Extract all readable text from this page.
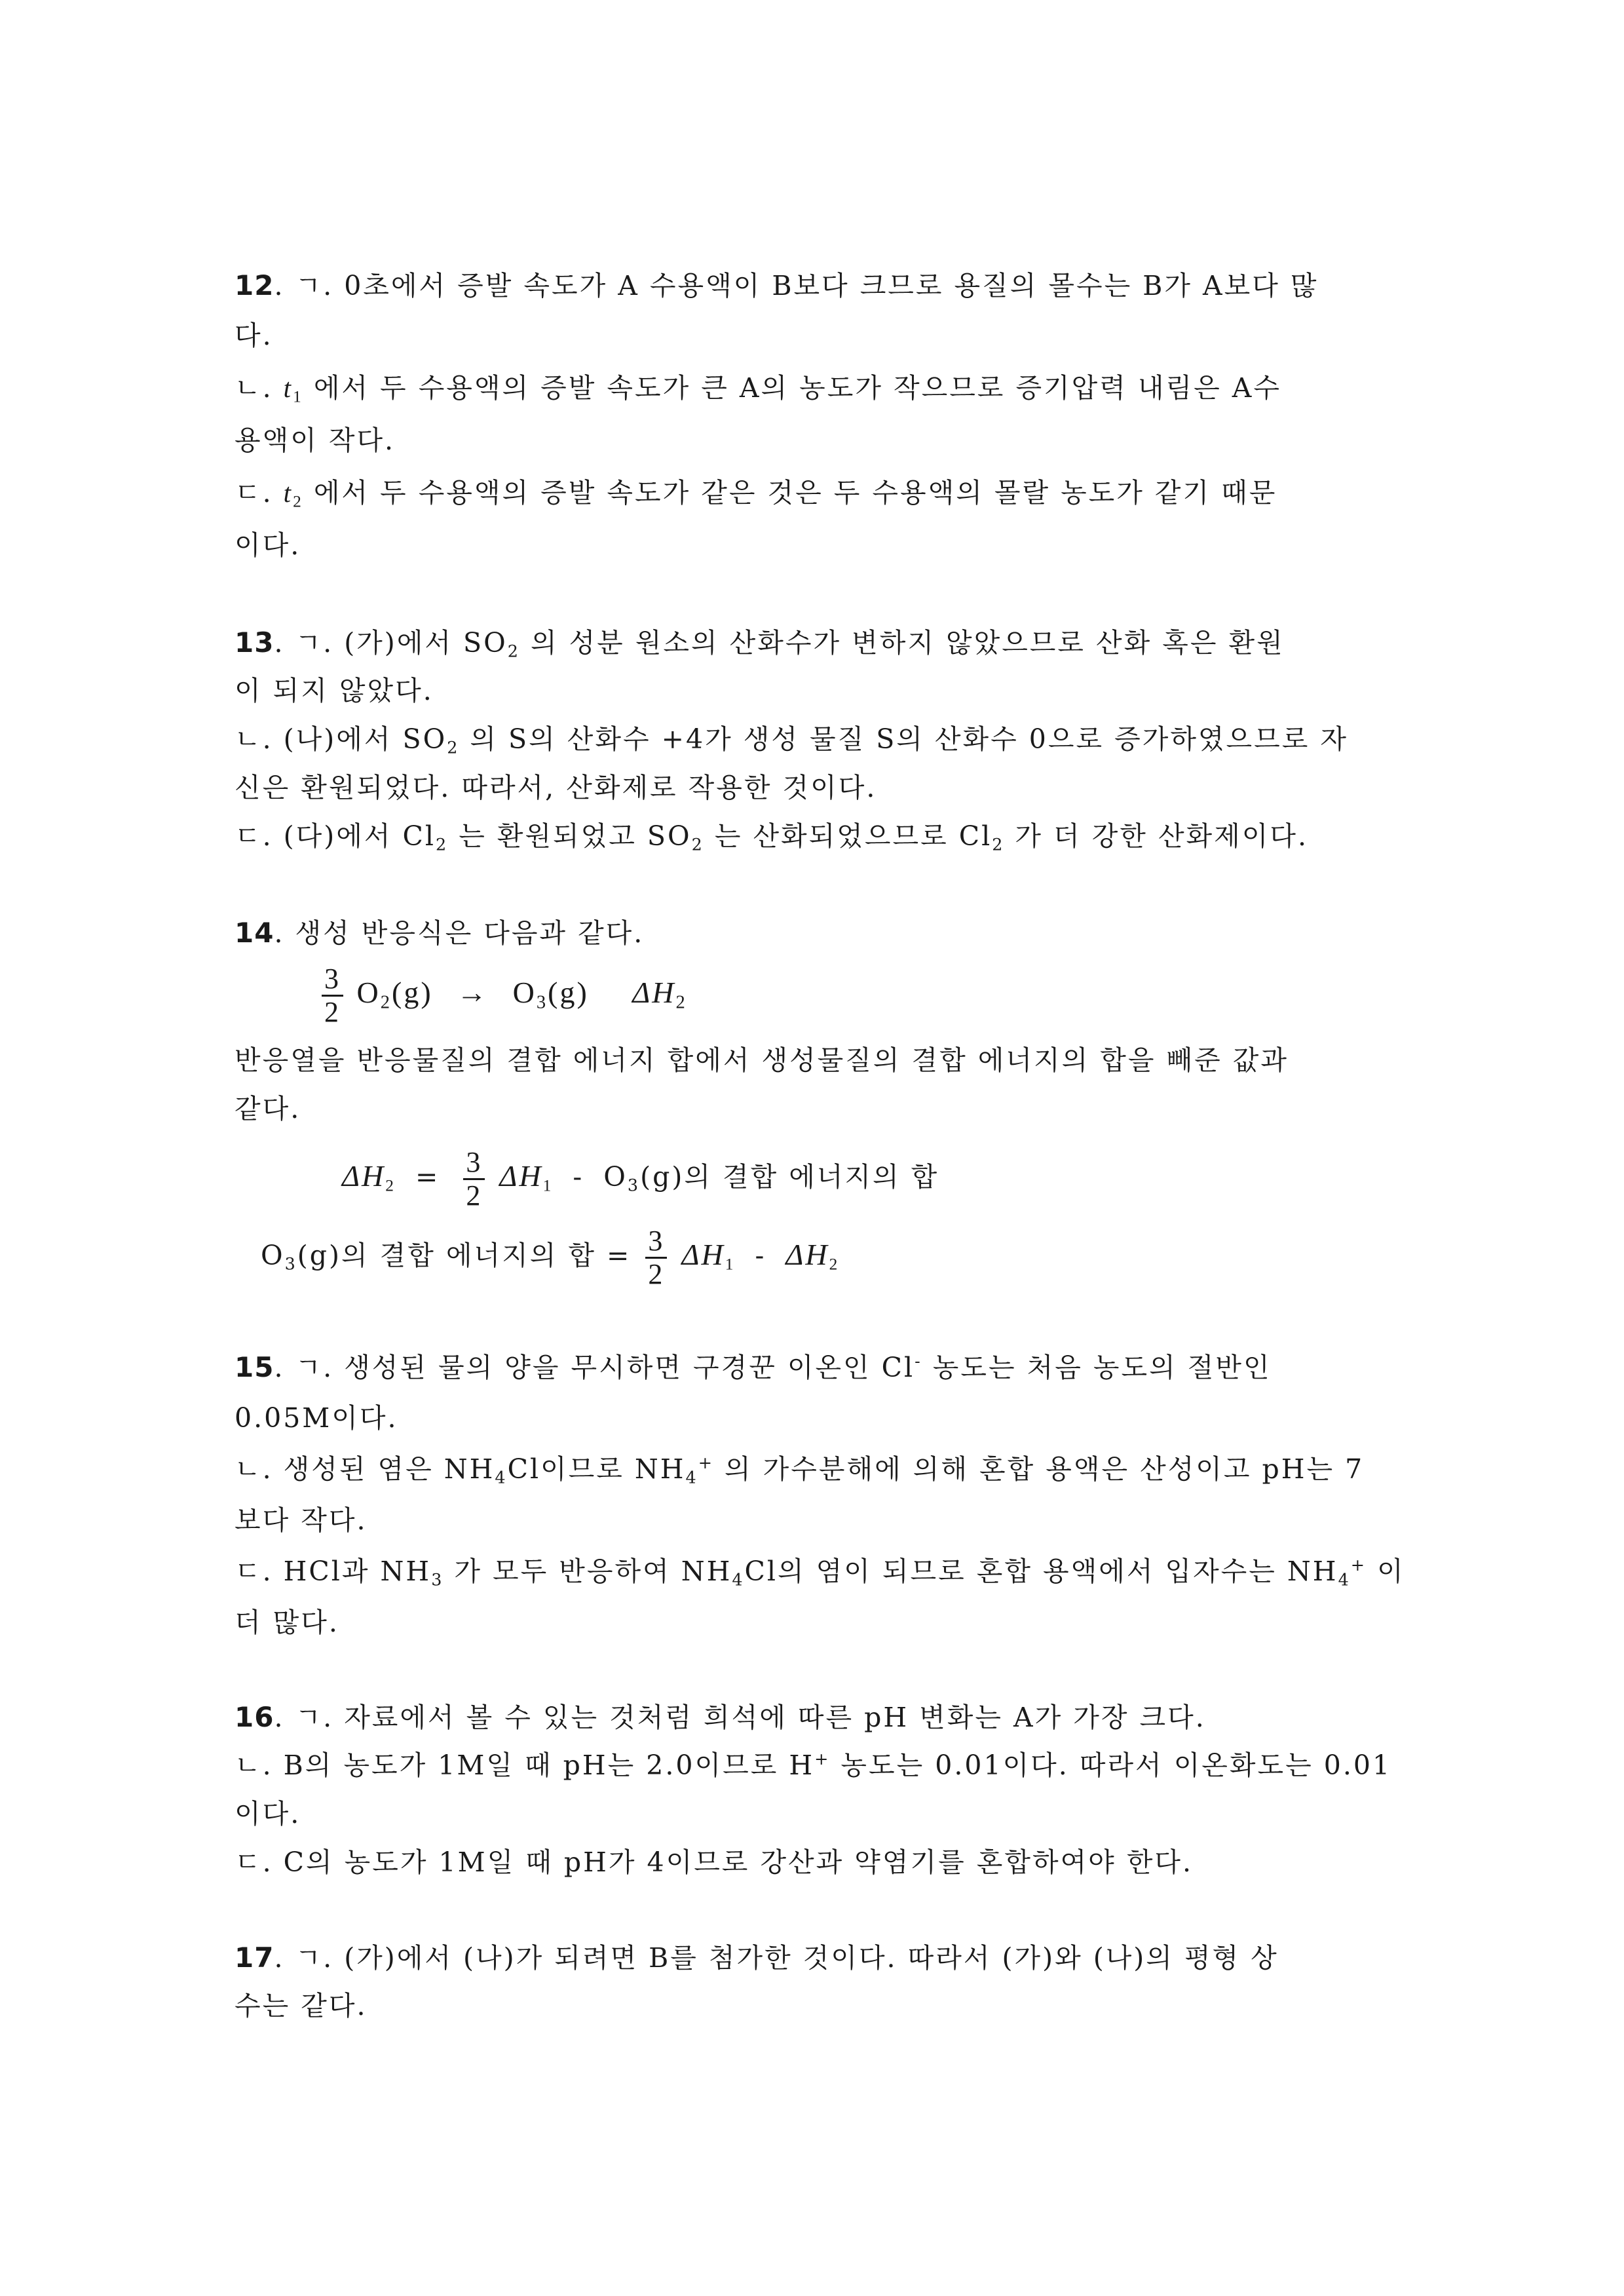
12. ㄱ. 0초에서 증발 속도가 A 수용액이 B보다 크므로 용질의 몰수는 B가 A보다 많
다.
ㄴ. $t_1$ 에서 두 수용액의 증발 속도가 큰 A의 농도가 작으므로 증기압력 내림은 A수
용액이 작다.
ㄷ. $t_2$ 에서 두 수용액의 증발 속도가 같은 것은 두 수용액의 몰랄 농도가 같기 때문
이다.
13. ㄱ. (가)에서 $SO_2$ 의 성분 원소의 산화수가 변하지 않았으므로 산화 혹은 환원
이 되지 않았다.
ㄴ. (나)에서 $SO_2$ 의 S의 산화수 +4가 생성 물질 S의 산화수 0으로 증가하였으므로 자
신은 환원되었다. 따라서, 산화제로 작용한 것이다.
ㄷ. (다)에서 $Cl_2$ 는 환원되었고 $SO_2$ 는 산화되었으므로 $Cl_2$ 가 더 강한 산화제이다.
14. 생성 반응식은 다음과 같다.
$\frac{3}{2} O_2(g) \to O_3(g)$ $\Delta H_2$
반응열을 반응물질의 결합 에너지 합에서 생성물질의 결합 에너지의 합을 빼준 값과
같다.
$\Delta H_2 = \frac{3}{2} \Delta H_1 - O_3(g)$의 결합 에너지의 합
$O_3(g)$의 결합 에너지의 합 = $\frac{3}{2} \Delta H_1 - \Delta H_2$
15. ㄱ. 생성된 물의 양을 무시하면 구경꾼 이온인 Cl- 농도는 처음 농도의 절반인
0.05M이다.
ㄴ. 생성된 염은 $NH_4Cl$이므로 $NH_4^+$ 의 가수분해에 의해 혼합 용액은 산성이고 pH는 7
보다 작다.
ㄷ. HCl과 $NH_3$ 가 모두 반응하여 $NH_4Cl$의 염이 되므로 혼합 용액에서 입자수는 $NH_4^+$ 이
더 많다.
16. ㄱ. 자료에서 볼 수 있는 것처럼 희석에 따른 pH 변화는 A가 가장 크다.
ㄴ. B의 농도가 1M일 때 pH는 2.0이므로 H+ 농도는 0.01이다. 따라서 이온화도는 0.01
이다.
ㄷ. C의 농도가 1M일 때 pH가 4이므로 강산과 약염기를 혼합하여야 한다.
17. ㄱ. (가)에서 (나)가 되려면 B를 첨가한 것이다. 따라서 (가)와 (나)의 평형 상
수는 같다.
